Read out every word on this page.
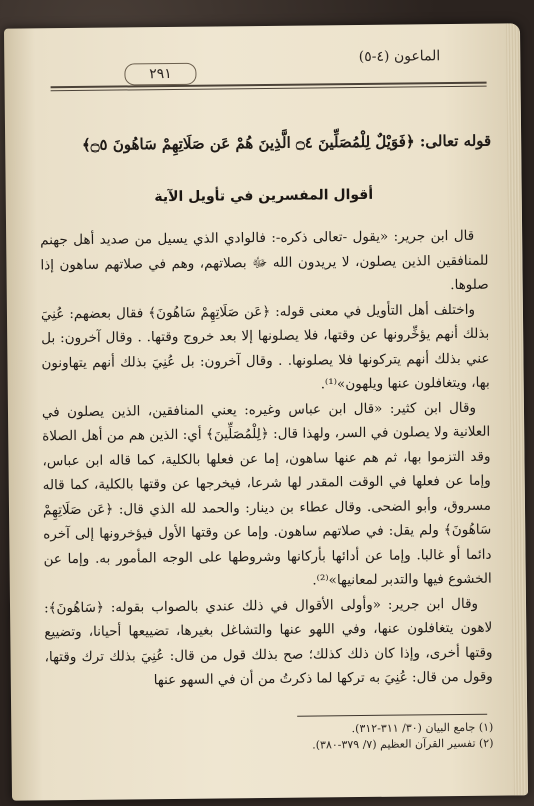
٢٩١
الماعون (٤-٥)
قوله تعالى: ﴿فَوَيْلٌ لِلْمُصَلِّينَ ۝٤ الَّذِينَ هُمْ عَن صَلَاتِهِمْ سَاهُونَ ۝٥﴾
أقوال المفسرين في تأويل الآية

قال ابن جرير: «يقول -تعالى ذكره-: فالوادي الذي يسيل من صديد أهل جهنم للمنافقين الذين يصلون، لا يريدون الله ﷻ بصلاتهم، وهم في صلاتهم ساهون إذا صلوها.

واختلف أهل التأويل في معنى قوله: ﴿عَن صَلَاتِهِمْ سَاهُونَ﴾ فقال بعضهم: عُنِيَ بذلك أنهم يؤخِّرونها عن وقتها، فلا يصلونها إلا بعد خروج وقتها. . وقال آخرون: بل عني بذلك أنهم يتركونها فلا يصلونها. . وقال آخرون: بل عُنِيَ بذلك أنهم يتهاونون بها، ويتغافلون عنها ويلهون»⁽¹⁾.

وقال ابن كثير: «قال ابن عباس وغيره: يعني المنافقين، الذين يصلون في العلانية ولا يصلون في السر، ولهذا قال: ﴿لِلْمُصَلِّينَ﴾ أي: الذين هم من أهل الصلاة وقد التزموا بها، ثم هم عنها ساهون، إما عن فعلها بالكلية، كما قاله ابن عباس، وإما عن فعلها في الوقت المقدر لها شرعا، فيخرجها عن وقتها بالكلية، كما قاله مسروق، وأبو الضحى. وقال عطاء بن دينار: والحمد لله الذي قال: ﴿عَن صَلَاتِهِمْ سَاهُونَ﴾ ولم يقل: في صلاتهم ساهون. وإما عن وقتها الأول فيؤخرونها إلى آخره دائما أو غالبا. وإما عن أدائها بأركانها وشروطها على الوجه المأمور به. وإما عن الخشوع فيها والتدبر لمعانيها»⁽²⁾.

وقال ابن جرير: «وأولى الأقوال في ذلك عندي بالصواب بقوله: ﴿سَاهُونَ﴾: لاهون يتغافلون عنها، وفي اللهو عنها والتشاغل بغيرها، تضييعها أحيانا، وتضييع وقتها أخرى، وإذا كان ذلك كذلك؛ صح بذلك قول من قال: عُنِيَ بذلك ترك وقتها، وقول من قال: عُنِيَ به تركها لما ذكرتُ من أن في السهو عنها

(١) جامع البيان (٣٠/ ٣١١-٣١٢).
(٢) تفسير القرآن العظيم (٧/ ٣٧٩-٣٨٠).
